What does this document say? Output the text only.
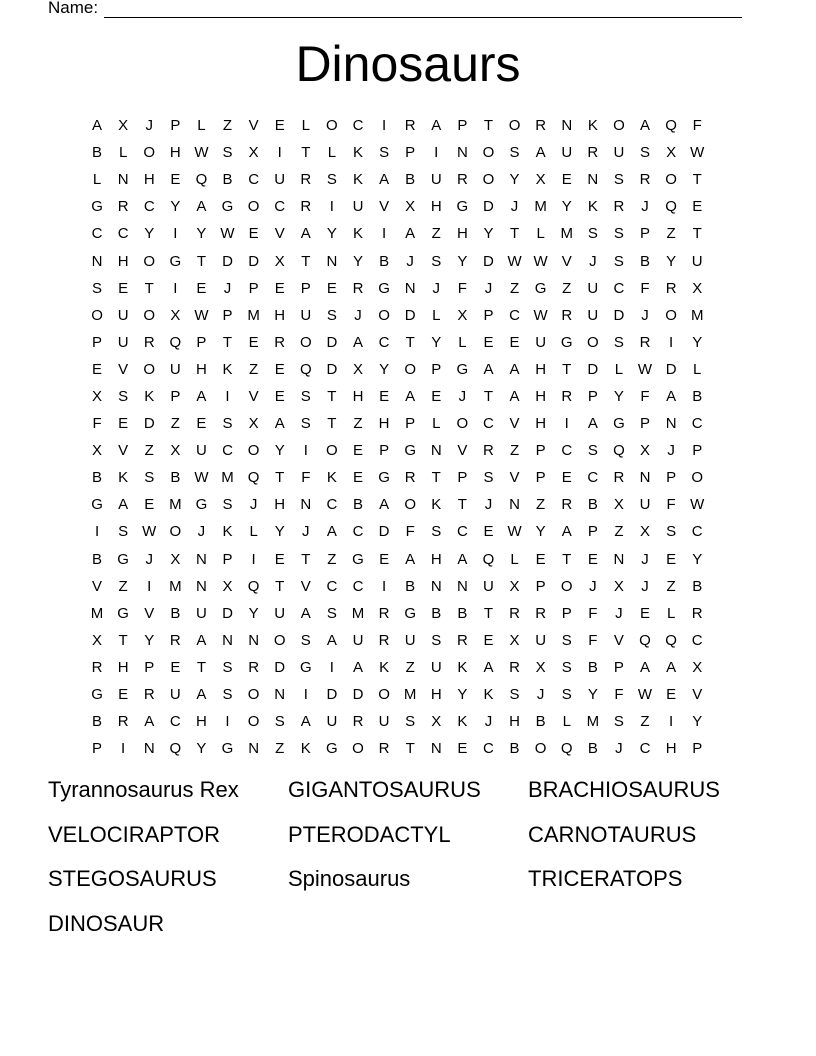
Name:
Dinosaurs
A	X	J	P	L	Z	V	E	L	O C	I	R	A	P	T	O R	N	K	O	A	Q	F
B	L	O H W S	X	I	T	L	K	S	P	I	N O	S	A	U	R	U	S	X W
L	N	H	E	Q	B	C	U	R	S	K	A	B	U	R O	Y	X	E	N	S	R O	T
G R	C	Y	A	G O C	R	I	U	V	X	H G D	J	M Y	K	R	J	Q	E
C	C	Y	I	Y W E	V	A	Y	K	I	A	Z	H	Y	T	L	M S	S	P	Z	T
N	H O G	T	D	D	X	T	N	Y	B	J	S	Y	D W W V	J	S	B	Y	U
S	E	T	I	E	J	P	E	P	E	R G N	J	F	J	Z	G	Z	U	C	F	R	X
O U O	X W P M H	U	S	J	O D	L	X	P	C W R	U	D	J	O M
P	U	R Q	P	T	E	R O D	A	C	T	Y	L	E	E	U G O	S	R	I	Y
E	V	O U	H	K	Z	E	Q D	X	Y	O	P	G	A	A	H	T	D	L W D	L
X	S	K	P	A	I	V	E	S	T	H	E	A	E	J	T	A	H	R	P	Y	F	A	B
F	E	D	Z	E	S	X	A	S	T	Z	H	P	L	O C	V	H	I	A	G	P	N	C
X	V	Z	X	U	C O	Y	I	O	E	P	G N	V	R	Z	P	C	S	Q	X	J	P
B	K	S	B W M Q	T	F	K	E	G R	T	P	S	V	P	E	C	R	N	P	O
G	A	E M G	S	J	H	N	C	B	A	O	K	T	J	N	Z	R	B	X	U	F W
I	S W O	J	K	L	Y	J	A	C	D	F	S	C	E W Y	A	P	Z	X	S	C
B	G	J	X	N	P	I	E	T	Z	G	E	A	H	A	Q	L	E	T	E	N	J	E	Y
V	Z	I	M N	X	Q	T	V	C	C	I	B	N	N	U	X	P	O	J	X	J	Z	B
M G	V	B	U	D	Y	U	A	S M R G	B	B	T	R	R	P	F	J	E	L	R
X	T	Y	R	A	N	N O	S	A	U	R	U	S	R	E	X	U	S	F	V	Q Q C
R	H	P	E	T	S	R	D G	I	A	K	Z	U	K	A	R	X	S	B	P	A	A	X
G	E	R	U	A	S	O N	I	D	D O M H	Y	K	S	J	S	Y	F W E	V
B	R	A	C	H	I	O	S	A	U	R	U	S	X	K	J	H	B	L	M S	Z	I	Y
P	I	N Q	Y	G N	Z	K	G O R	T	N	E	C	B	O Q	B	J	C	H	P
Tyrannosaurus Rex	GIGANTOSAURUS	BRACHIOSAURUS
VELOCIRAPTOR	PTERODACTYL	CARNOTAURUS
STEGOSAURUS	Spinosaurus	TRICERATOPS
DINOSAUR
